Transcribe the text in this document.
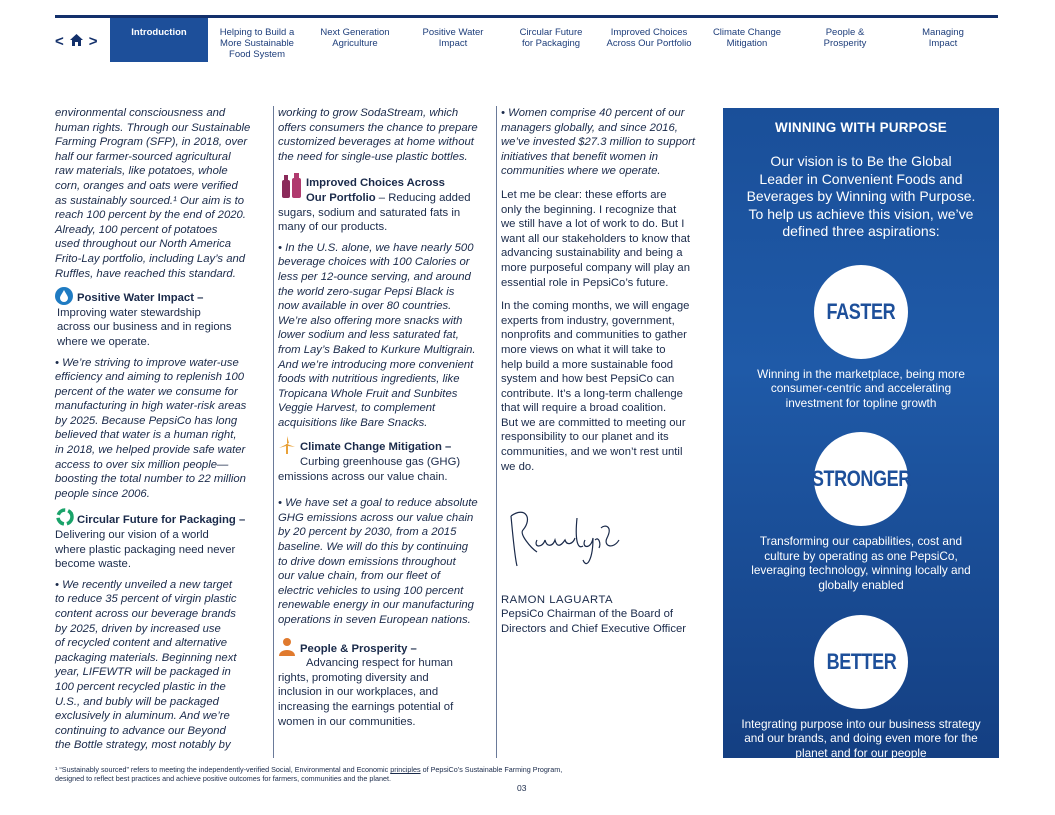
< >	Introduction	Helping to Build a
More Sustainable
Food System
Next Generation
Agriculture
Positive Water
Impact
Circular Future
for Packaging
Improved Choices
Across Our Portfolio
Climate Change
Mitigation
People &
Prosperity
Managing
Impact
environmental consciousness and
human rights. Through our Sustainable
Farming Program (SFP), in 2018, over
half our farmer-sourced agricultural
raw materials, like potatoes, whole
corn, oranges and oats were verified
as sustainably sourced.¹ Our aim is to
reach 100 percent by the end of 2020.
Already, 100 percent of potatoes
used throughout our North America
Frito-Lay portfolio, including Lay’s and
Ruffles, have reached this standard.
Positive Water Impact –
Improving water stewardship
across our business and in regions
where we operate.
• We’re striving to improve water-use
efficiency and aiming to replenish 100
percent of the water we consume for
manufacturing in high water-risk areas
by 2025. Because PepsiCo has long
believed that water is a human right,
in 2018, we helped provide safe water
access to over six million people—
boosting the total number to 22 million
people since 2006.
Circular Future for Packaging –
Delivering our vision of a world
where plastic packaging need never
become waste.
• We recently unveiled a new target
to reduce 35 percent of virgin plastic
content across our beverage brands
by 2025, driven by increased use
of recycled content and alternative
packaging materials. Beginning next
year, LIFEWTR will be packaged in
100 percent recycled plastic in the
U.S., and bubly will be packaged
exclusively in aluminum. And we’re
continuing to advance our Beyond
the Bottle strategy, most notably by
working to grow SodaStream, which
offers consumers the chance to prepare
customized beverages at home without
the need for single-use plastic bottles.
Improved Choices Across
Our Portfolio – Reducing added
sugars, sodium and saturated fats in
many of our products.
• In the U.S. alone, we have nearly 500
beverage choices with 100 Calories or
less per 12-ounce serving, and around
the world zero-sugar Pepsi Black is
now available in over 80 countries.
We’re also offering more snacks with
lower sodium and less saturated fat,
from Lay’s Baked to Kurkure Multigrain.
And we’re introducing more convenient
foods with nutritious ingredients, like
Tropicana Whole Fruit and Sunbites
Veggie Harvest, to complement
acquisitions like Bare Snacks.
Climate Change Mitigation –
Curbing greenhouse gas (GHG)
emissions across our value chain.
• We have set a goal to reduce absolute
GHG emissions across our value chain
by 20 percent by 2030, from a 2015
baseline. We will do this by continuing
to drive down emissions throughout
our value chain, from our fleet of
electric vehicles to using 100 percent
renewable energy in our manufacturing
operations in seven European nations.
People & Prosperity –
Advancing respect for human
rights, promoting diversity and
inclusion in our workplaces, and
increasing the earnings potential of
women in our communities.
• Women comprise 40 percent of our
managers globally, and since 2016,
we’ve invested $27.3 million to support
initiatives that benefit women in
communities where we operate.
Let me be clear: these efforts are
only the beginning. I recognize that
we still have a lot of work to do. But I
want all our stakeholders to know that
advancing sustainability and being a
more purposeful company will play an
essential role in PepsiCo’s future.
In the coming months, we will engage
experts from industry, government,
nonprofits and communities to gather
more views on what it will take to
help build a more sustainable food
system and how best PepsiCo can
contribute. It’s a long-term challenge
that will require a broad coalition.
But we are committed to meeting our
responsibility to our planet and its
communities, and we won’t rest until
we do.
RAMON LAGUARTA
PepsiCo Chairman of the Board of
Directors and Chief Executive Officer
WINNING WITH PURPOSE
Our vision is to Be the Global
Leader in Convenient Foods and
Beverages by Winning with Purpose.
To help us achieve this vision, we’ve
defined three aspirations:
FASTER
Winning in the marketplace, being more
consumer-centric and accelerating
investment for topline growth
STRONGER
Transforming our capabilities, cost and
culture by operating as one PepsiCo,
leveraging technology, winning locally and
globally enabled
BETTER
Integrating purpose into our business strategy
and our brands, and doing even more for the
planet and for our people
¹ “Sustainably sourced” refers to meeting the independently-verified Social, Environmental and Economic principles of PepsiCo’s Sustainable Farming Program,
designed to reflect best practices and achieve positive outcomes for farmers, communities and the planet.
03
